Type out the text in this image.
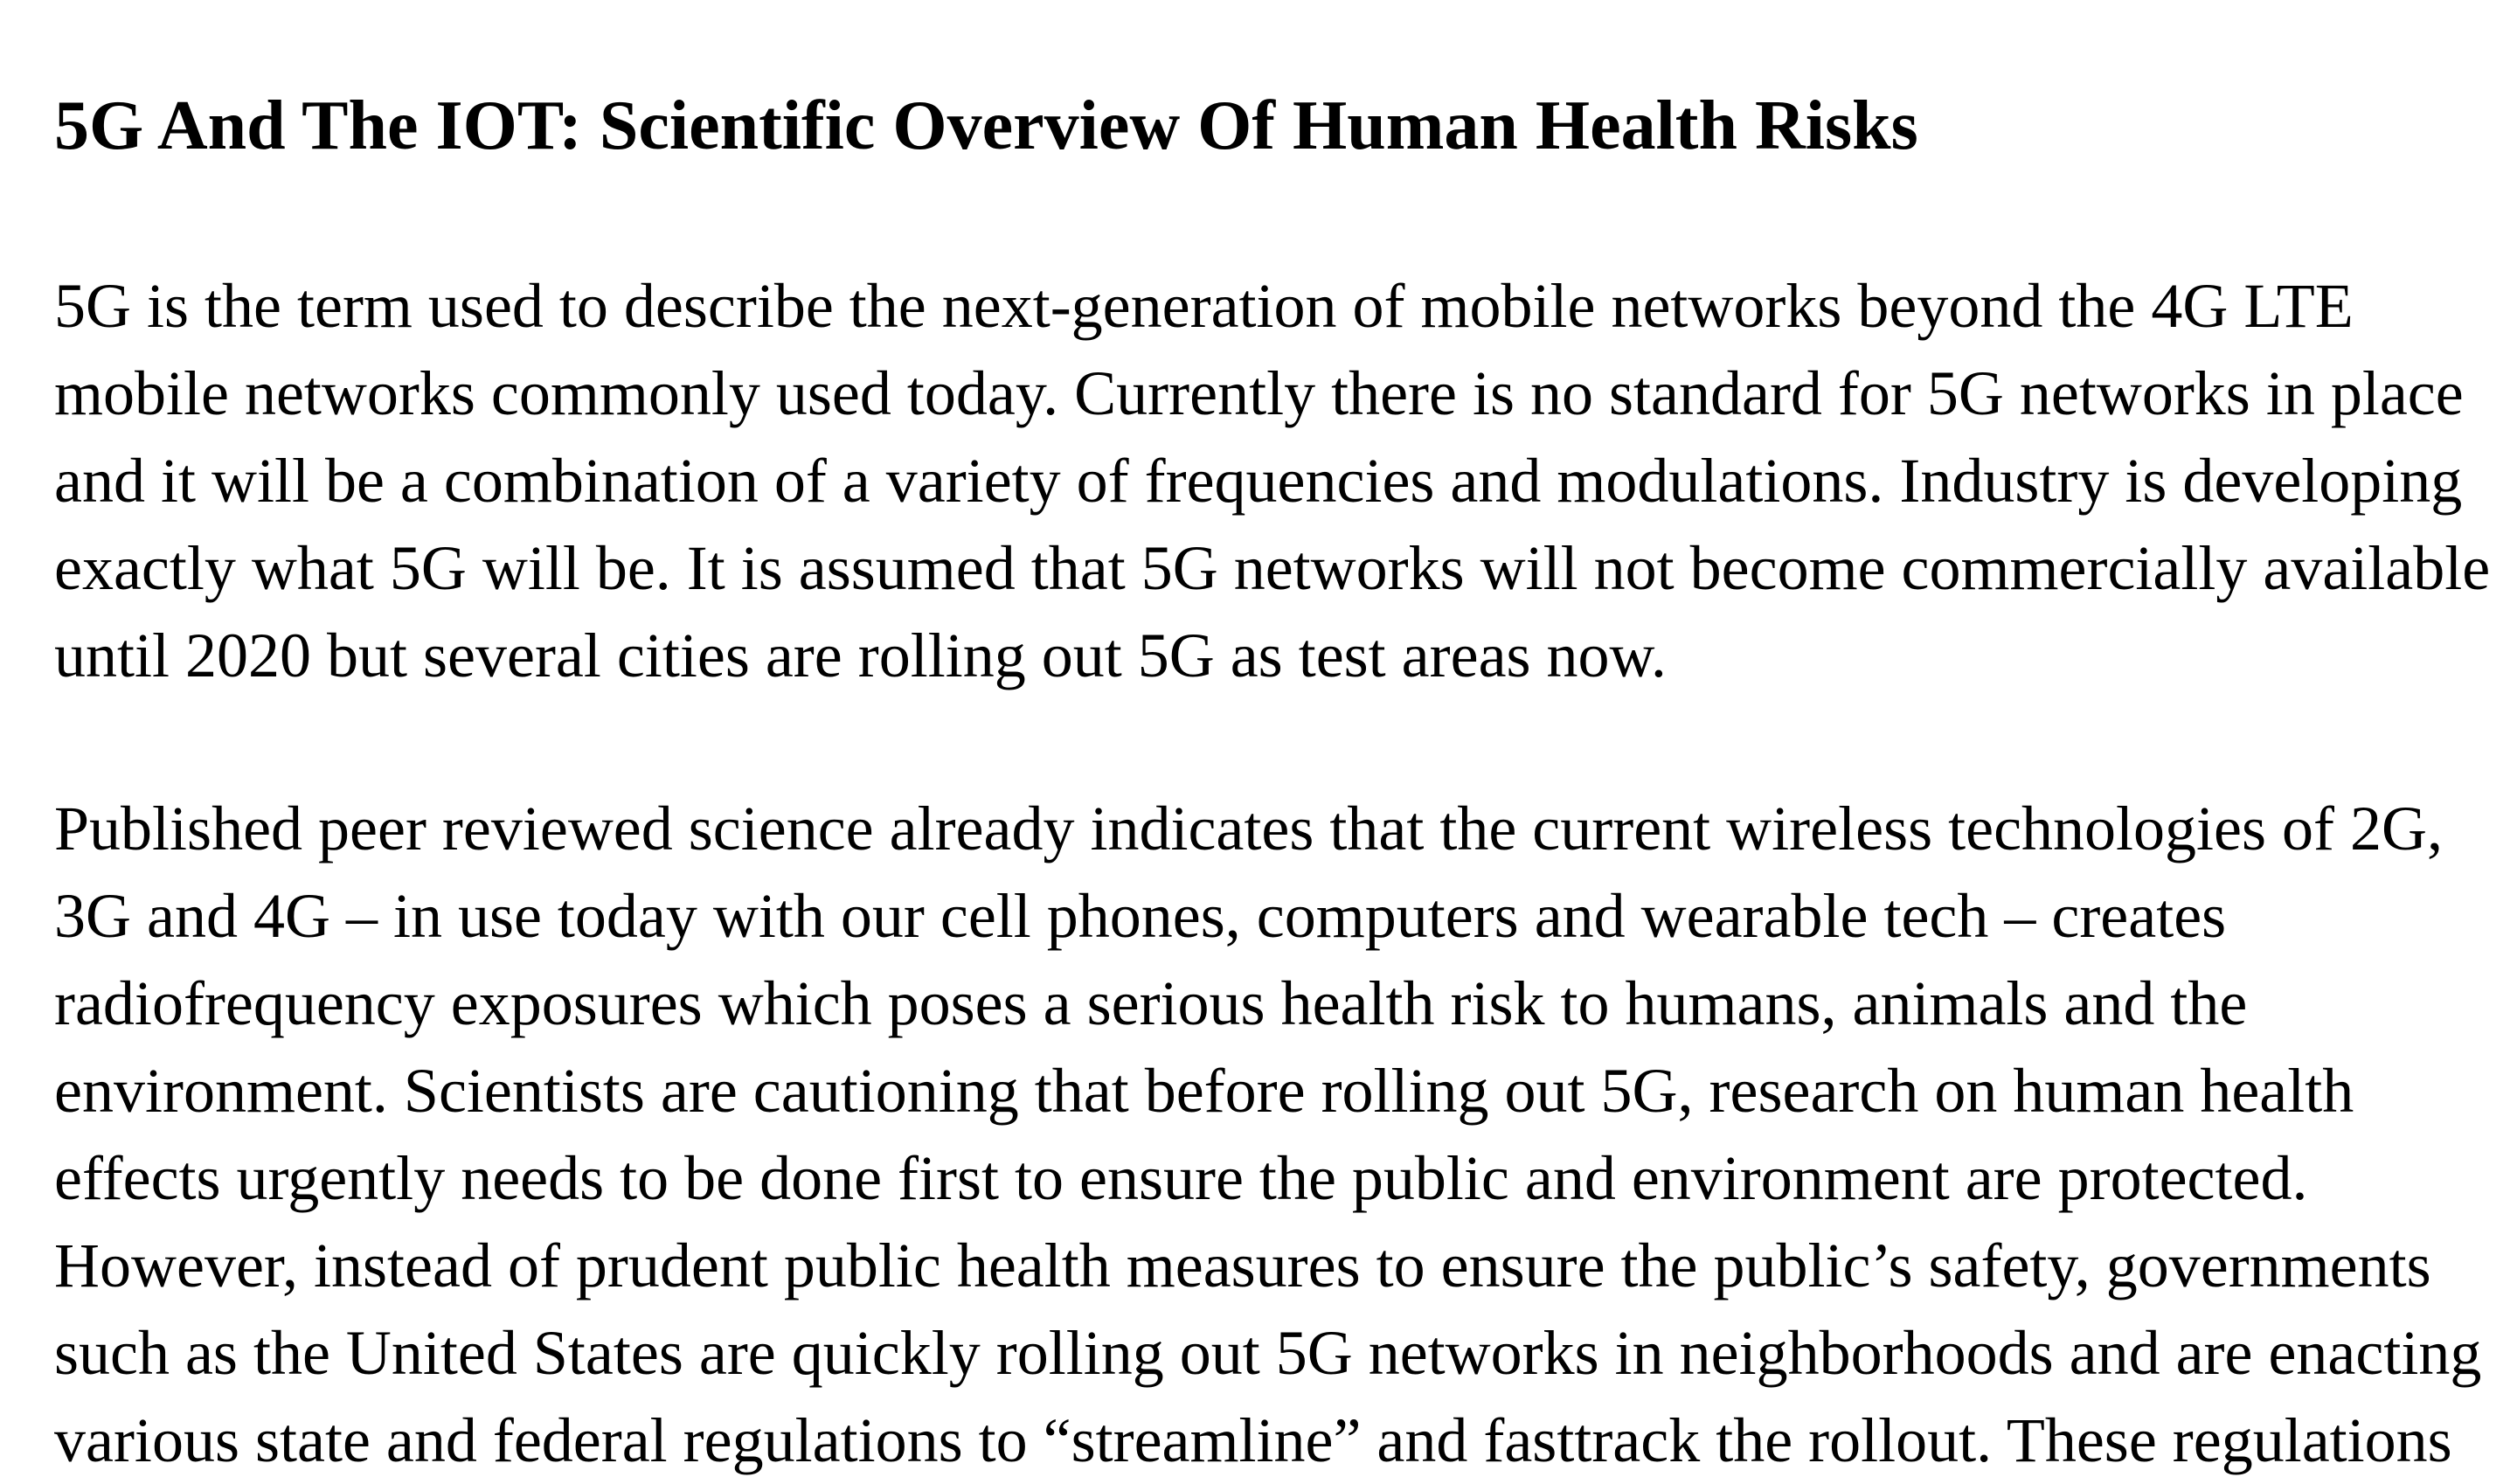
5G And The IOT: Scientific Overview Of Human Health Risks

5G is the term used to describe the next-generation of mobile networks beyond the 4G LTE
mobile networks commonly used today. Currently there is no standard for 5G networks in place
and it will be a combination of a variety of frequencies and modulations. Industry is developing
exactly what 5G will be. It is assumed that 5G networks will not become commercially available
until 2020 but several cities are rolling out 5G as test areas now.

Published peer reviewed science already indicates that the current wireless technologies of 2G,
3G and 4G – in use today with our cell phones, computers and wearable tech – creates
radiofrequency exposures which poses a serious health risk to humans, animals and the
environment. Scientists are cautioning that before rolling out 5G, research on human health
effects urgently needs to be done first to ensure the public and environment are protected.
However, instead of prudent public health measures to ensure the public’s safety, governments
such as the United States are quickly rolling out 5G networks in neighborhoods and are enacting
various state and federal regulations to “streamline” and fasttrack the rollout. These regulations
